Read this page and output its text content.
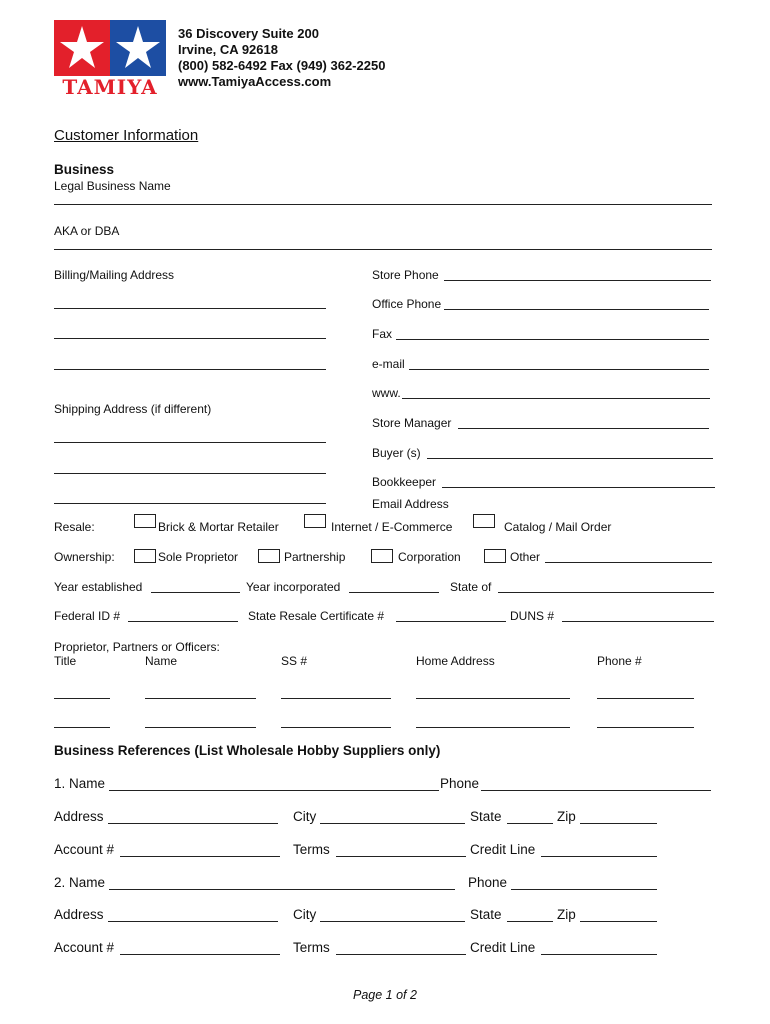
TAMIYA
36 Discovery Suite 200
Irvine, CA 92618
(800) 582-6492 Fax (949) 362-2250
www.TamiyaAccess.com
Customer Information
Business
Legal Business Name
AKA or DBA
Billing/Mailing Address
Shipping Address (if different)
Store Phone
Office Phone
Fax
e-mail
www.
Store Manager
Buyer (s)
Bookkeeper
Email Address
Resale:	Brick & Mortar Retailer	Internet / E-Commerce	Catalog / Mail Order
Ownership:	Sole Proprietor	Partnership	Corporation	Other
Year established	Year incorporated	State of
Federal ID #	State Resale Certificate #	DUNS #
Proprietor, Partners or Officers:
Title	Name	SS #	Home Address	Phone #
Business References (List Wholesale Hobby Suppliers only)
1. Name	Phone
Address	City	State	Zip
Account #	Terms	Credit Line
2. Name	Phone
Address	City	State	Zip
Account #	Terms	Credit Line
Page 1 of 2
